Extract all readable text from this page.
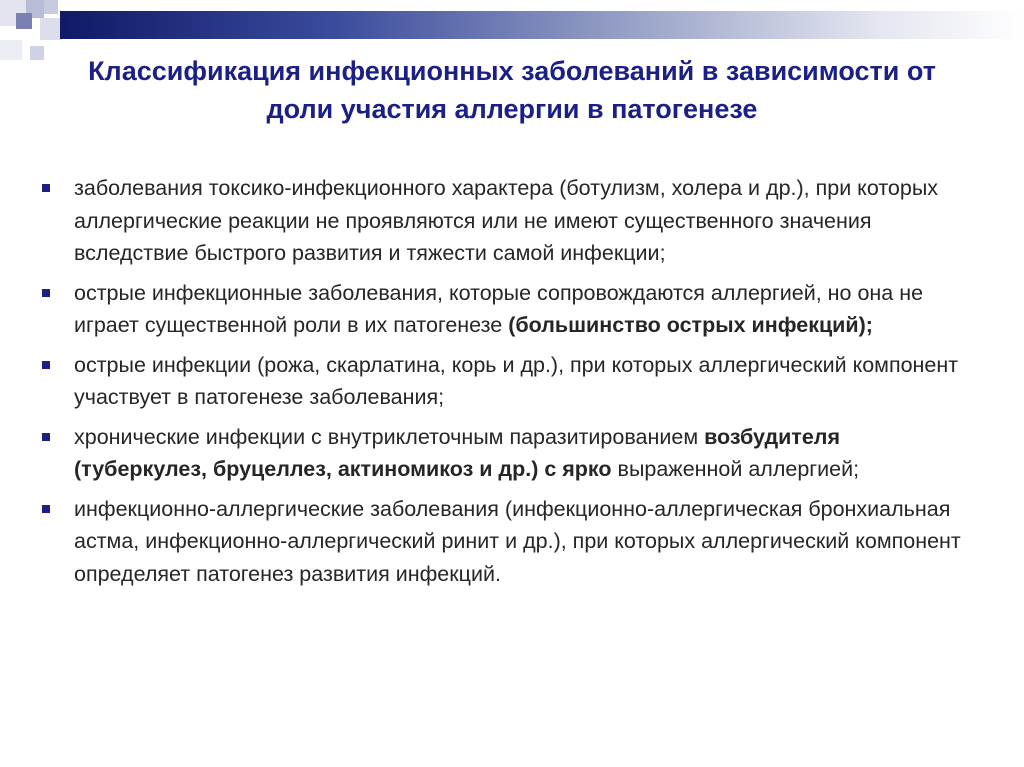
Классификация инфекционных заболеваний в зависимости от доли участия аллергии в патогенезе
заболевания токсико-инфекционного характера (ботулизм, холера и др.), при которых аллергические реакции не проявляются или не имеют существенного значения вследствие быстрого развития и тяжести самой инфекции;
острые инфекционные заболевания, которые сопровождаются аллергией, но она не играет существенной роли в их патогенезе (большинство острых инфекций);
острые инфекции (рожа, скарлатина, корь и др.), при которых аллергический компонент участвует в патогенезе заболевания;
хронические инфекции с внутриклеточным паразитированием возбудителя (туберкулез, бруцеллез, актиномикоз и др.) с ярко выраженной аллергией;
инфекционно-аллергические заболевания (инфекционно-аллергическая бронхиальная астма, инфекционно-аллергический ринит и др.), при которых аллергический компонент определяет патогенез развития инфекций.
